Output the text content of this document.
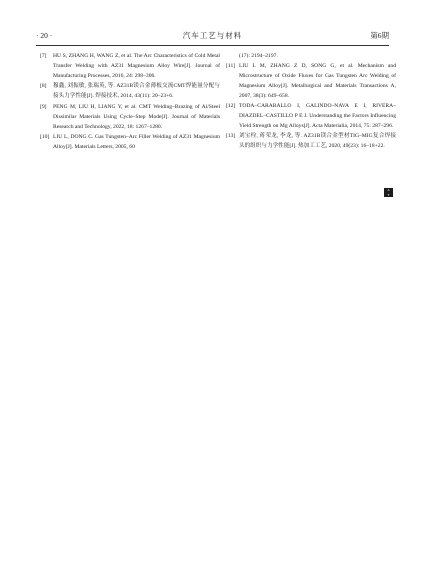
· 20 ·	汽车工艺与材料	第6期
[7]	HU S, ZHANG H, WANG Z, et al. The Arc Characteristics of Cold Metal Transfer Welding with AZ31 Magnesium Alloy Wire[J]. Journal of Manufacturing Processes, 2016, 24: 298–306.
[8]	穆鑫, 刘振敏, 张瑞英, 等. AZ31B镁合金薄板交流CMT焊能量分配与接头力学性能[J]. 焊接技术, 2014, 43(11): 20–23+6.
[9]	PENG M, LIU H, LIANG Y, et al. CMT Welding–Brazing of Al/Steel Dissimilar Materials Using Cycle–Step Mode[J]. Journal of Materials Research and Technology, 2022, 18: 1267–1280.
[10] LIU L, DONG C. Gas Tungsten–Arc Filler Welding of AZ31 Magnesium Alloy[J]. Materials Letters, 2005, 60
(17): 2194–2197.
[11] LIU L M, ZHANG Z D, SONG G, et al. Mechanism and Microstructure of Oxide Fluxes for Gas Tungsten Arc Welding of Magnesium Alloy[J]. Metallurgical and Materials Transactions A, 2007, 38(3): 649–658.
[12] TODA–CARABALLO I, GALINDO–NAVA E I, RIVERA–DIAZDEL–CASTILLO P E J. Understanding the Factors Influencing Yield Strength on Mg Alloys[J]. Acta Materialia, 2014, 75: 287–296.
[13] 刘宝栓, 蒋荣龙, 李龙, 等. AZ31B镁合金型材TIG–MIG复合焊接头的组织与力学性能[J]. 热加工工艺, 2020, 49(23): 16–18+22.
A
T
